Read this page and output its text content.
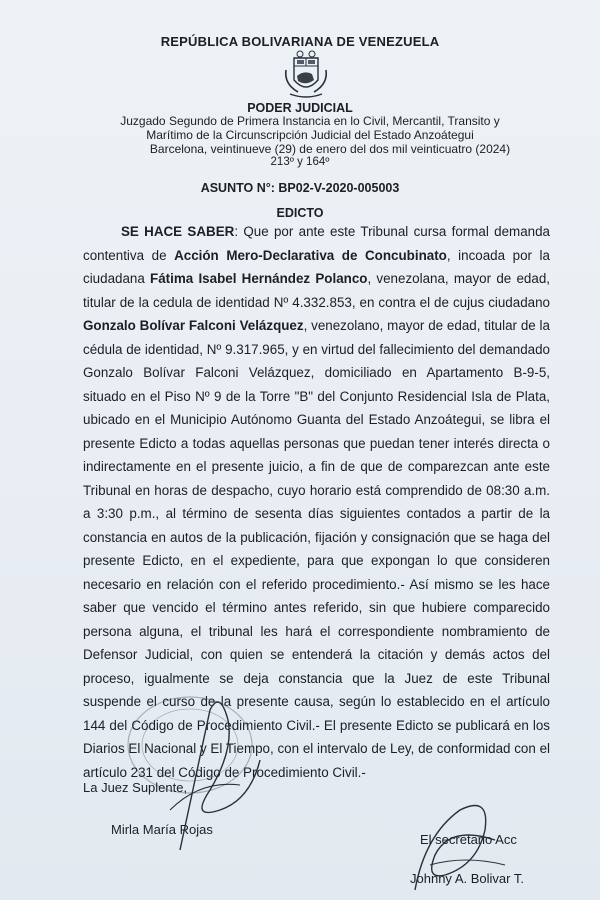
REPÚBLICA BOLIVARIANA DE VENEZUELA
PODER JUDICIAL
Juzgado Segundo de Primera Instancia en lo Civil, Mercantil, Transito y
Marítimo de la Circunscripción Judicial del Estado Anzoátegui
Barcelona, veintinueve (29) de enero del dos mil veinticuatro (2024)
213º y 164º
ASUNTO N°: BP02-V-2020-005003
EDICTO
SE HACE SABER: Que por ante este Tribunal cursa formal demanda contentiva de Acción Mero-Declarativa de Concubinato, incoada por la ciudadana Fátima Isabel Hernández Polanco, venezolana, mayor de edad, titular de la cedula de identidad Nº 4.332.853, en contra el de cujus ciudadano Gonzalo Bolívar Falconi Velázquez, venezolano, mayor de edad, titular de la cédula de identidad, Nº 9.317.965, y en virtud del fallecimiento del demandado Gonzalo Bolívar Falconi Velázquez, domiciliado en Apartamento B-9-5, situado en el Piso Nº 9 de la Torre "B" del Conjunto Residencial Isla de Plata, ubicado en el Municipio Autónomo Guanta del Estado Anzoátegui, se libra el presente Edicto a todas aquellas personas que puedan tener interés directa o indirectamente en el presente juicio, a fin de que de comparezcan ante este Tribunal en horas de despacho, cuyo horario está comprendido de 08:30 a.m. a 3:30 p.m., al término de sesenta días siguientes contados a partir de la constancia en autos de la publicación, fijación y consignación que se haga del presente Edicto, en el expediente, para que expongan lo que consideren necesario en relación con el referido procedimiento.- Así mismo se les hace saber que vencido el término antes referido, sin que hubiere comparecido persona alguna, el tribunal les hará el correspondiente nombramiento de Defensor Judicial, con quien se entenderá la citación y demás actos del proceso, igualmente se deja constancia que la Juez de este Tribunal suspende el curso de la presente causa, según lo establecido en el artículo 144 del Código de Procedimiento Civil.- El presente Edicto se publicará en los Diarios El Nacional y El Tiempo, con el intervalo de Ley, de conformidad con el artículo 231 del Código de Procedimiento Civil.-
La Juez Suplente,
Mirla María Rojas
El secretario Acc
Johnny A. Bolivar T.
